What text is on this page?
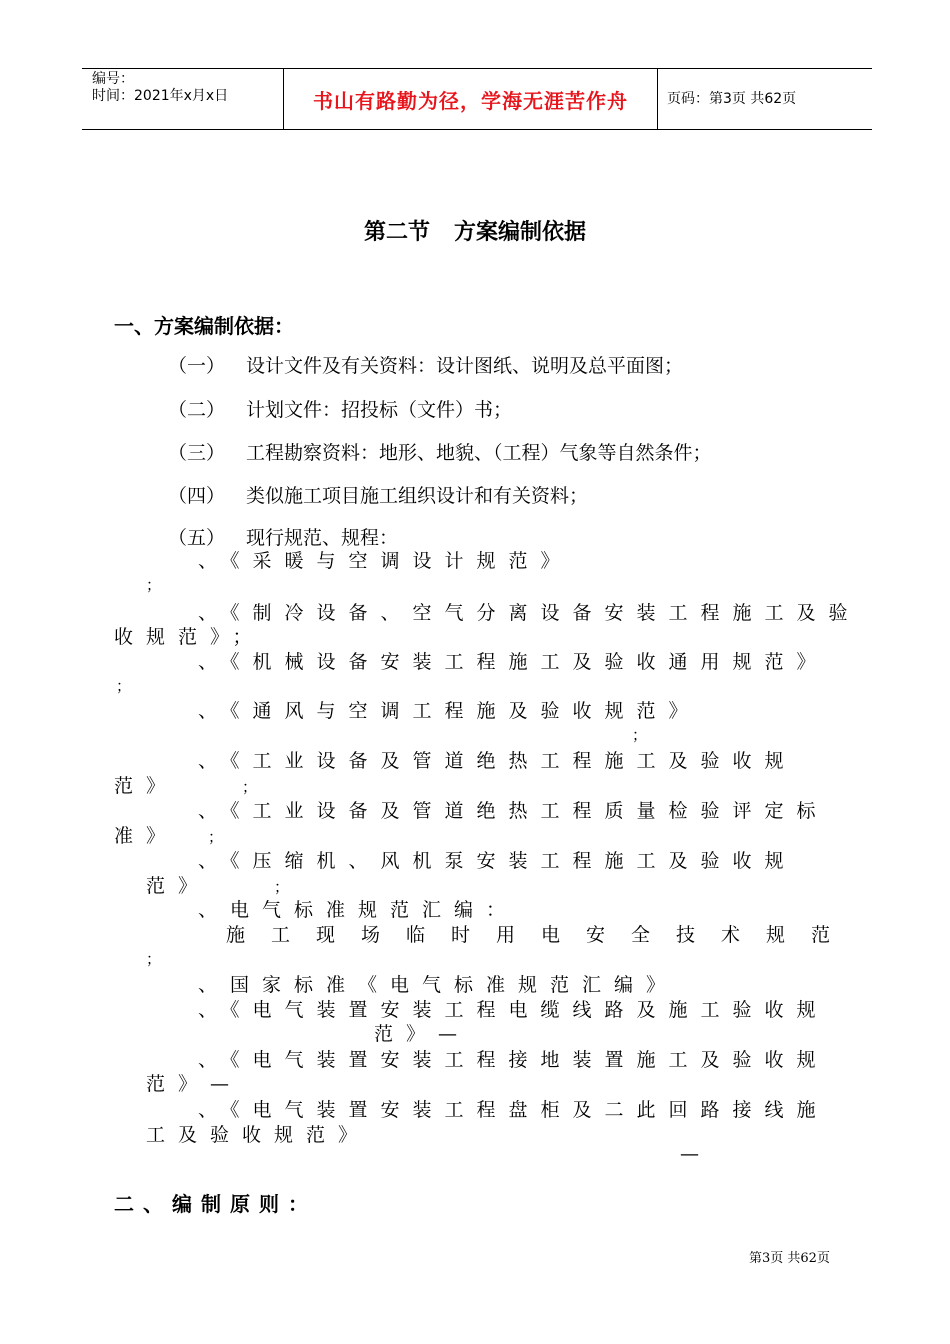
编号：
时间：2021年x月x日	书山有路勤为径，学海无涯苦作舟	页码：第3页 共62页
第二节 方案编制依据
一、方案编制依据：
（一） 设计文件及有关资料：设计图纸、说明及总平面图；
（二） 计划文件：招投标（文件）书；
（三） 工程勘察资料：地形、地貌、（工程）气象等自然条件；
（四） 类似施工项目施工组织设计和有关资料；
（五） 现行规范、规程：
、《采暖与空调设计规范》
；
、《制冷设备、空气分离设备安装工程施工及验
收规范》；
、《机械设备安装工程施工及验收通用规范》
；
、《通风与空调工程施及验收规范》
；
、《工业设备及管道绝热工程施工及验收规
范》	；
、《工业设备及管道绝热工程质量检验评定标
准》 ；
、《压缩机、风机泵安装工程施工及验收规
范》	；
、电气标准规范汇编：
施工现场临时用电安全技术规范
；
、国家标准《电气标准规范汇编》
、《电气装置安装工程电缆线路及施工验收规
范》—
、《电气装置安装工程接地装置施工及验收规
范》—
、《电气装置安装工程盘柜及二此回路接线施
工及验收规范》
—
二、编制原则：
第3页 共62页
